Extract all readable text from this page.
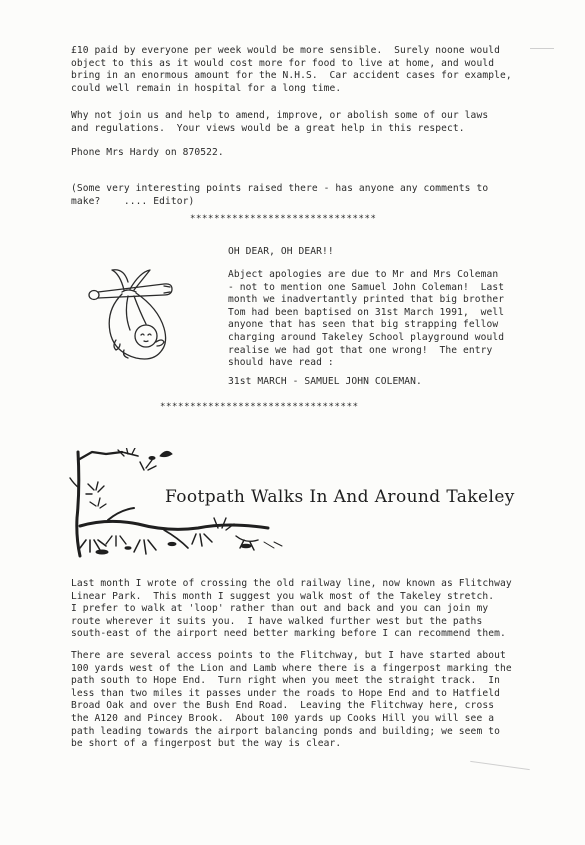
£10 paid by everyone per week would be more sensible.  Surely noone would
object to this as it would cost more for food to live at home, and would
bring in an enormous amount for the N.H.S.  Car accident cases for example,
could well remain in hospital for a long time.
Why not join us and help to amend, improve, or abolish some of our laws
and regulations.  Your views would be a great help in this respect.
Phone Mrs Hardy on 870522.
(Some very interesting points raised there - has anyone any comments to
make?    .... Editor)
*******************************
OH DEAR, OH DEAR!!
Abject apologies are due to Mr and Mrs Coleman
- not to mention one Samuel John Coleman!  Last
month we inadvertantly printed that big brother
Tom had been baptised on 31st March 1991,  well
anyone that has seen that big strapping fellow
charging around Takeley School playground would
realise we had got that one wrong!  The entry
should have read :
31st MARCH - SAMUEL JOHN COLEMAN.
*********************************
Footpath Walks In And Around Takeley
Last month I wrote of crossing the old railway line, now known as Flitchway
Linear Park.  This month I suggest you walk most of the Takeley stretch.
I prefer to walk at 'loop' rather than out and back and you can join my
route wherever it suits you.  I have walked further west but the paths
south-east of the airport need better marking before I can recommend them.
There are several access points to the Flitchway, but I have started about
100 yards west of the Lion and Lamb where there is a fingerpost marking the
path south to Hope End.  Turn right when you meet the straight track.  In
less than two miles it passes under the roads to Hope End and to Hatfield
Broad Oak and over the Bush End Road.  Leaving the Flitchway here, cross
the A120 and Pincey Brook.  About 100 yards up Cooks Hill you will see a
path leading towards the airport balancing ponds and building; we seem to
be short of a fingerpost but the way is clear.
